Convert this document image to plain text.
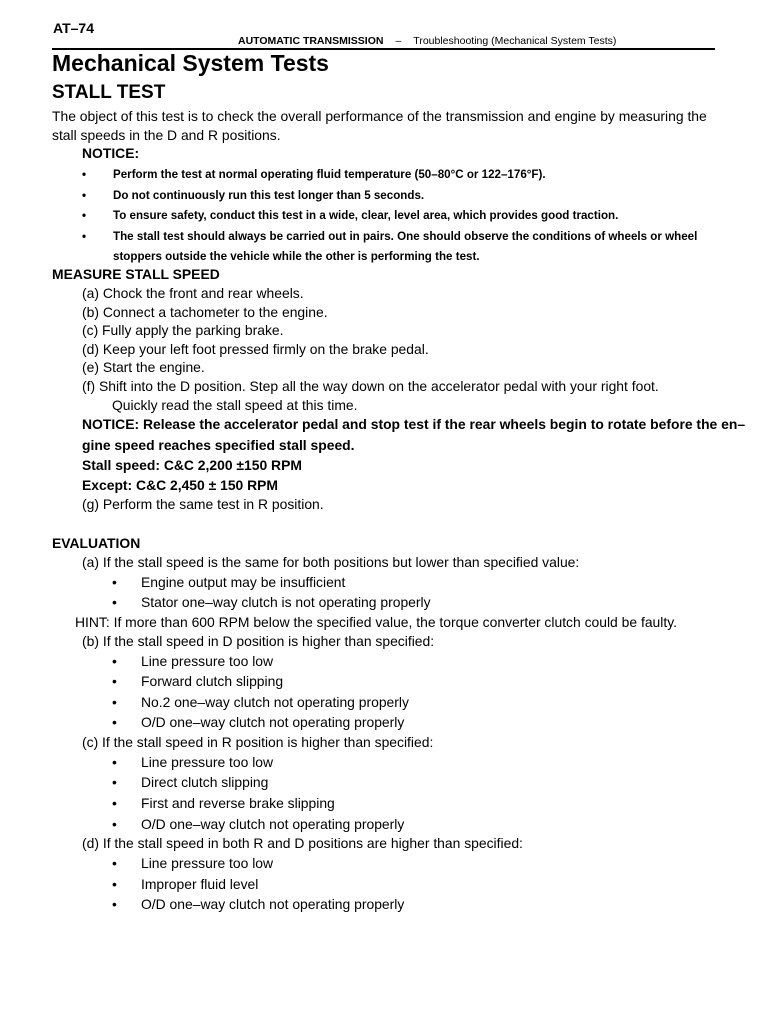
AT–74
AUTOMATIC TRANSMISSION – Troubleshooting (Mechanical System Tests)
Mechanical System Tests
STALL TEST
The object of this test is to check the overall performance of the transmission and engine by measuring the stall speeds in the D and R positions.
NOTICE:
• Perform the test at normal operating fluid temperature (50–80°C or 122–176°F).
• Do not continuously run this test longer than 5 seconds.
• To ensure safety, conduct this test in a wide, clear, level area, which provides good traction.
• The stall test should always be carried out in pairs. One should observe the conditions of wheels or wheel stoppers outside the vehicle while the other is performing the test.
MEASURE STALL SPEED
(a) Chock the front and rear wheels.
(b) Connect a tachometer to the engine.
(c) Fully apply the parking brake.
(d) Keep your left foot pressed firmly on the brake pedal.
(e) Start the engine.
(f) Shift into the D position. Step all the way down on the accelerator pedal with your right foot.
Quickly read the stall speed at this time.
NOTICE: Release the accelerator pedal and stop test if the rear wheels begin to rotate before the en– gine speed reaches specified stall speed.
Stall speed: C&C 2,200 ±150 RPM
Except: C&C 2,450 ± 150 RPM
(g) Perform the same test in R position.
EVALUATION
(a) If the stall speed is the same for both positions but lower than specified value:
• Engine output may be insufficient
• Stator one–way clutch is not operating properly
HINT: If more than 600 RPM below the specified value, the torque converter clutch could be faulty.
(b) If the stall speed in D position is higher than specified:
• Line pressure too low
• Forward clutch slipping
• No.2 one–way clutch not operating properly
• O/D one–way clutch not operating properly
(c) If the stall speed in R position is higher than specified:
• Line pressure too low
• Direct clutch slipping
• First and reverse brake slipping
• O/D one–way clutch not operating properly
(d) If the stall speed in both R and D positions are higher than specified:
• Line pressure too low
• Improper fluid level
• O/D one–way clutch not operating properly
